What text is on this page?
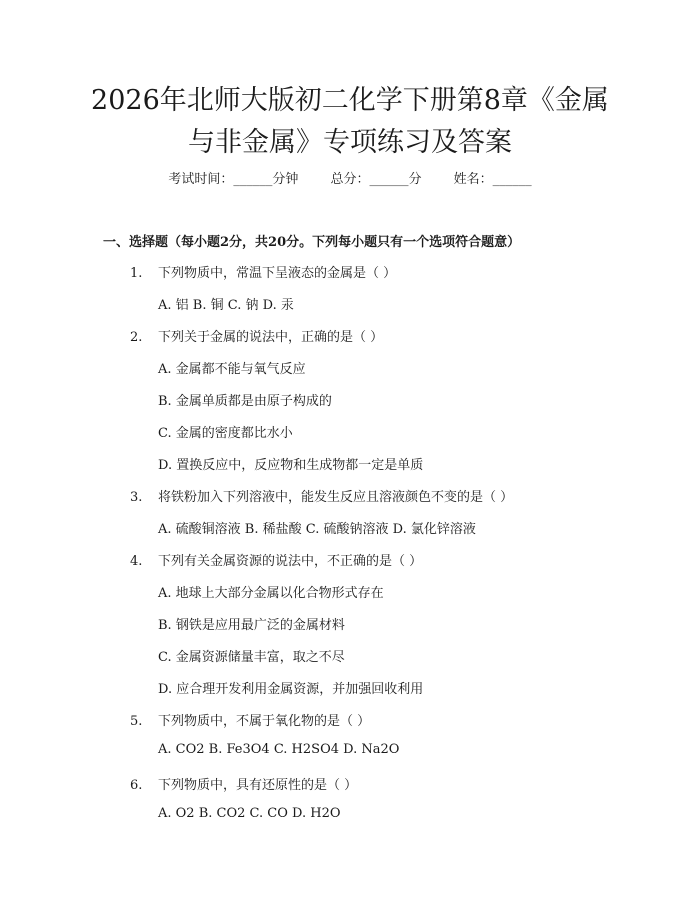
2026年北师大版初二化学下册第8章《金属
与非金属》专项练习及答案
考试时间：______分钟 总分：______分 姓名：______
一、选择题（每小题2分，共20分。下列每小题只有一个选项符合题意）
1. 下列物质中，常温下呈液态的金属是（ ）
A. 铝 B. 铜 C. 钠 D. 汞
2. 下列关于金属的说法中，正确的是（ ）
A. 金属都不能与氧气反应
B. 金属单质都是由原子构成的
C. 金属的密度都比水小
D. 置换反应中，反应物和生成物都一定是单质
3. 将铁粉加入下列溶液中，能发生反应且溶液颜色不变的是（ ）
A. 硫酸铜溶液 B. 稀盐酸 C. 硫酸钠溶液 D. 氯化锌溶液
4. 下列有关金属资源的说法中，不正确的是（ ）
A. 地球上大部分金属以化合物形式存在
B. 钢铁是应用最广泛的金属材料
C. 金属资源储量丰富，取之不尽
D. 应合理开发利用金属资源，并加强回收利用
5. 下列物质中，不属于氧化物的是（ ）
A. CO2 B. Fe3O4 C. H2SO4 D. Na2O
6. 下列物质中，具有还原性的是（ ）
A. O2 B. CO2 C. CO D. H2O
